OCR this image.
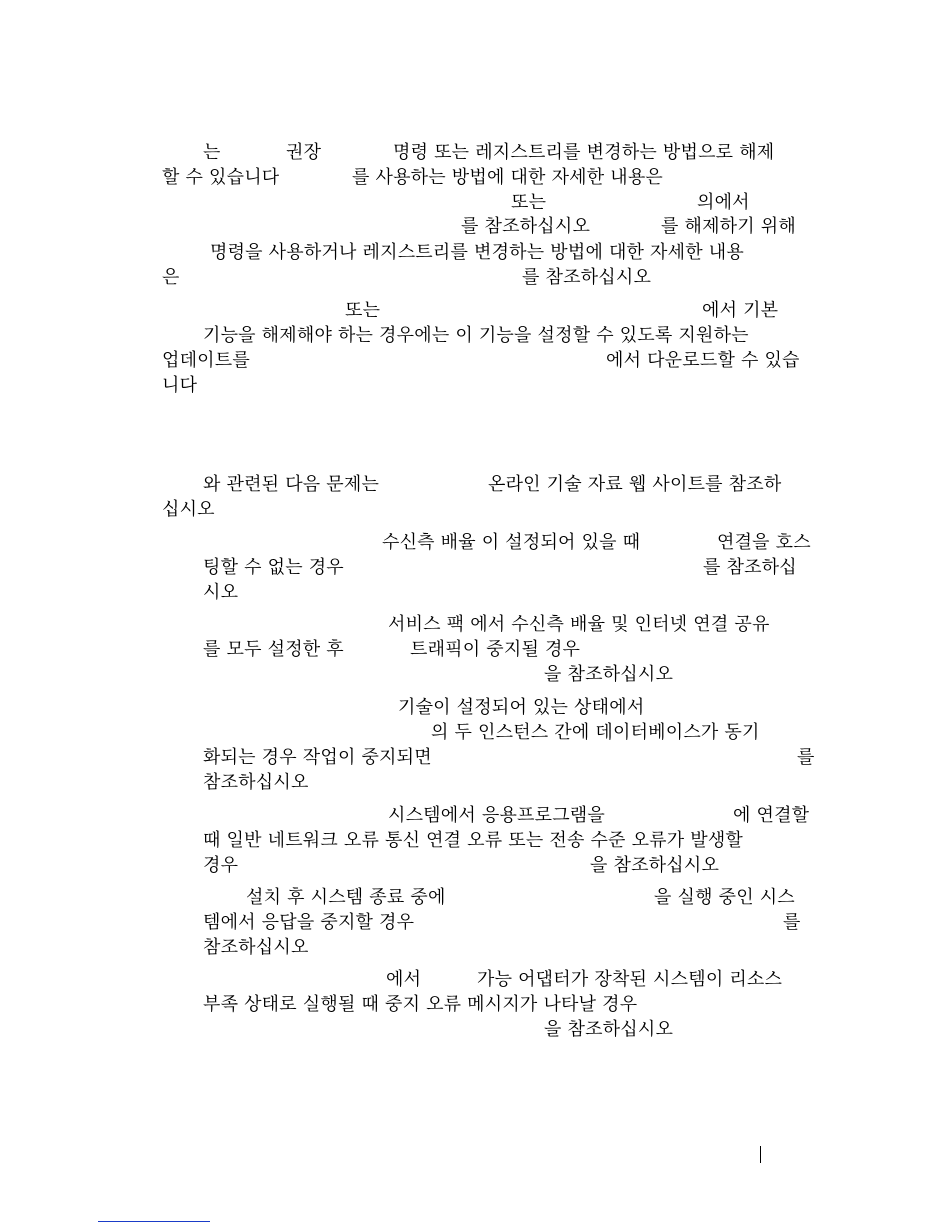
는	권장	명령 또는 레지스트리를 변경하는 방법으로 해제
할 수 있습니다	를 사용하는 방법에 대한 자세한 내용은
또는	의에서
를 참조하십시오	를 해제하기 위해
명령을 사용하거나 레지스트리를 변경하는 방법에 대한 자세한 내용
은	를 참조하십시오
또는	에서 기본
기능을 해제해야 하는 경우에는 이 기능을 설정할 수 있도록 지원하는
업데이트를	에서 다운로드할 수 있습
니다
와 관련된 다음 문제는	온라인 기술 자료 웹 사이트를 참조하
십시오
수신측 배율 이 설정되어 있을 때	연결을 호스
팅할 수 없는 경우	를 참조하십
시오
서비스 팩 에서 수신측 배율 및 인터넷 연결 공유
를 모두 설정한 후	트래픽이 중지될 경우
을 참조하십시오
기술이 설정되어 있는 상태에서
의 두 인스턴스 간에 데이터베이스가 동기
화되는 경우 작업이 중지되면	를
참조하십시오
시스템에서 응용프로그램을	에 연결할
때 일반 네트워크 오류 통신 연결 오류 또는 전송 수준 오류가 발생할
경우	을 참조하십시오
설치 후 시스템 종료 중에	을 실행 중인 시스
템에서 응답을 중지할 경우	를
참조하십시오
에서	가능 어댑터가 장착된 시스템이 리소스
부족 상태로 실행될 때 중지 오류 메시지가 나타날 경우
을 참조하십시오
